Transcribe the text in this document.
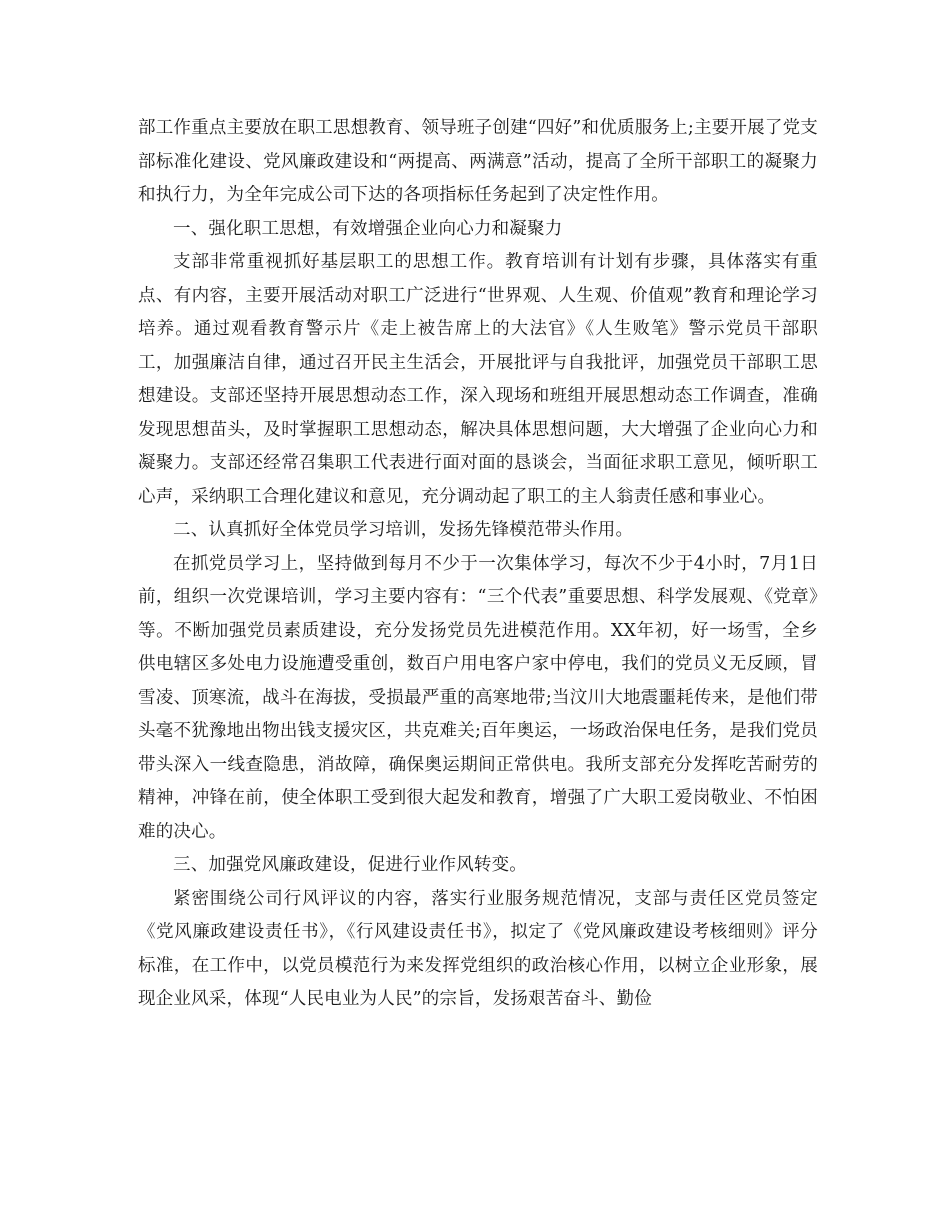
部工作重点主要放在职工思想教育、领导班子创建“四好”和优质服务上;主要开展了党支部标准化建设、党风廉政建设和“两提高、两满意”活动，提高了全所干部职工的凝聚力和执行力，为全年完成公司下达的各项指标任务起到了决定性作用。

一、强化职工思想，有效增强企业向心力和凝聚力

支部非常重视抓好基层职工的思想工作。教育培训有计划有步骤，具体落实有重点、有内容，主要开展活动对职工广泛进行“世界观、人生观、价值观”教育和理论学习培养。通过观看教育警示片《走上被告席上的大法官》《人生败笔》警示党员干部职工，加强廉洁自律，通过召开民主生活会，开展批评与自我批评，加强党员干部职工思想建设。支部还坚持开展思想动态工作，深入现场和班组开展思想动态工作调查，准确发现思想苗头，及时掌握职工思想动态，解决具体思想问题，大大增强了企业向心力和凝聚力。支部还经常召集职工代表进行面对面的恳谈会，当面征求职工意见，倾听职工心声，采纳职工合理化建议和意见，充分调动起了职工的主人翁责任感和事业心。

二、认真抓好全体党员学习培训，发扬先锋模范带头作用。

在抓党员学习上，坚持做到每月不少于一次集体学习，每次不少于4小时，7月1日前，组织一次党课培训，学习主要内容有：“三个代表”重要思想、科学发展观、《党章》等。不断加强党员素质建设，充分发扬党员先进模范作用。XX年初，好一场雪，全乡供电辖区多处电力设施遭受重创，数百户用电客户家中停电，我们的党员义无反顾，冒雪凌、顶寒流，战斗在海拔，受损最严重的高寒地带;当汶川大地震噩耗传来，是他们带头毫不犹豫地出物出钱支援灾区，共克难关;百年奥运，一场政治保电任务，是我们党员带头深入一线查隐患，消故障，确保奥运期间正常供电。我所支部充分发挥吃苦耐劳的精神，冲锋在前，使全体职工受到很大起发和教育，增强了广大职工爱岗敬业、不怕困难的决心。

三、加强党风廉政建设，促进行业作风转变。

紧密围绕公司行风评议的内容，落实行业服务规范情况，支部与责任区党员签定《党风廉政建设责任书》，《行风建设责任书》，拟定了《党风廉政建设考核细则》评分标准，在工作中，以党员模范行为来发挥党组织的政治核心作用，以树立企业形象，展现企业风采，体现“人民电业为人民”的宗旨，发扬艰苦奋斗、勤俭
